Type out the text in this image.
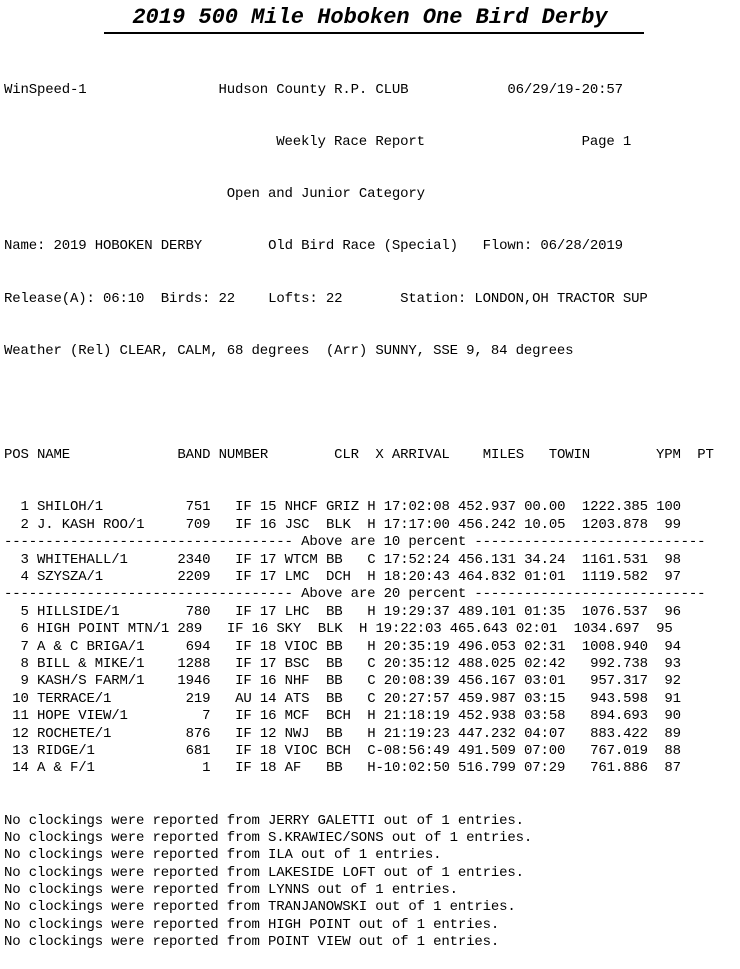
2019 500 Mile Hoboken One Bird Derby

WinSpeed-1	Hudson County R.P. CLUB	06/29/19-20:57

Weekly Race Report	Page 1

Open and Junior Category

Name: 2019 HOBOKEN DERBY	Old Bird Race (Special) Flown: 06/28/2019

Release(A): 06:10 Birds: 22 Lofts: 22	Station: LONDON,OH TRACTOR SUP

Weather (Rel) CLEAR, CALM, 68 degrees (Arr) SUNNY, SSE 9, 84 degrees

POS NAME	BAND NUMBER	CLR X ARRIVAL MILES TOWIN	YPM PT

1 SHILOH/1	751 IF 15 NHCF GRIZ H 17:02:08 452.937 00.00 1222.385 100
2 J. KASH ROO/1	709 IF 16 JSC BLK H 17:17:00 456.242 10.05 1203.878 99
----------------------------------- Above are 10 percent ----------------------------
3 WHITEHALL/1	2340 IF 17 WTCM BB C 17:52:24 456.131 34.24 1161.531 98
4 SZYSZA/1	2209 IF 17 LMC DCH H 18:20:43 464.832 01:01 1119.582 97
----------------------------------- Above are 20 percent ----------------------------
5 HILLSIDE/1	780 IF 17 LHC BB H 19:29:37 489.101 01:35 1076.537 96
6 HIGH POINT MTN/1 289 IF 16 SKY BLK H 19:22:03 465.643 02:01 1034.697 95
7 A & C BRIGA/1	694 IF 18 VIOC BB H 20:35:19 496.053 02:31 1008.940 94
8 BILL & MIKE/1 1288 IF 17 BSC BB C 20:35:12 488.025 02:42 992.738 93
9 KASH/S FARM/1 1946 IF 16 NHF BB C 20:08:39 456.167 03:01 957.317 92
10 TERRACE/1	219 AU 14 ATS BB C 20:27:57 459.987 03:15 943.598 91
11 HOPE VIEW/1	7 IF 16 MCF BCH H 21:18:19 452.938 03:58 894.693 90
12 ROCHETE/1	876 IF 12 NWJ BB H 21:19:23 447.232 04:07 883.422 89
13 RIDGE/1	681 IF 18 VIOC BCH C-08:56:49 491.509 07:00 767.019 88
14 A & F/1	1 IF 18 AF BB H-10:02:50 516.799 07:29 761.886 87

No clockings were reported from JERRY GALETTI out of 1 entries.
No clockings were reported from S.KRAWIEC/SONS out of 1 entries.
No clockings were reported from ILA out of 1 entries.
No clockings were reported from LAKESIDE LOFT out of 1 entries.
No clockings were reported from LYNNS out of 1 entries.
No clockings were reported from TRANJANOWSKI out of 1 entries.
No clockings were reported from HIGH POINT out of 1 entries.
No clockings were reported from POINT VIEW out of 1 entries.
